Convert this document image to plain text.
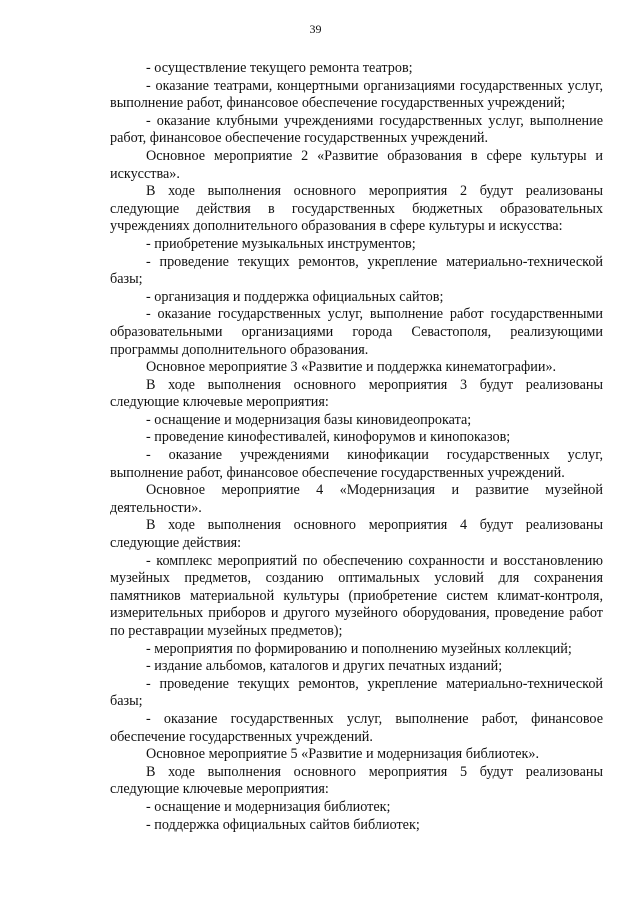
39

- осуществление текущего ремонта театров;

- оказание театрами, концертными организациями государственных услуг, выполнение работ, финансовое обеспечение государственных учреждений;

- оказание клубными учреждениями государственных услуг, выполнение работ, финансовое обеспечение государственных учреждений.

Основное мероприятие 2 «Развитие образования в сфере культуры и искусства».

В ходе выполнения основного мероприятия 2 будут реализованы следующие действия в государственных бюджетных образовательных учреждениях дополнительного образования в сфере культуры и искусства:

- приобретение музыкальных инструментов;

- проведение текущих ремонтов, укрепление материально-технической базы;

- организация и поддержка официальных сайтов;

- оказание государственных услуг, выполнение работ государственными образовательными организациями города Севастополя, реализующими программы дополнительного образования.

Основное мероприятие 3 «Развитие и поддержка кинематографии».

В ходе выполнения основного мероприятия 3 будут реализованы следующие ключевые мероприятия:

- оснащение и модернизация базы киновидеопроката;

- проведение кинофестивалей, кинофорумов и кинопоказов;

- оказание учреждениями кинофикации государственных услуг, выполнение работ, финансовое обеспечение государственных учреждений.

Основное мероприятие 4 «Модернизация и развитие музейной деятельности».

В ходе выполнения основного мероприятия 4 будут реализованы следующие действия:

- комплекс мероприятий по обеспечению сохранности и восстановлению музейных предметов, созданию оптимальных условий для сохранения памятников материальной культуры (приобретение систем климат-контроля, измерительных приборов и другого музейного оборудования, проведение работ по реставрации музейных предметов);

- мероприятия по формированию и пополнению музейных коллекций;

- издание альбомов, каталогов и других печатных изданий;

- проведение текущих ремонтов, укрепление материально-технической базы;

- оказание государственных услуг, выполнение работ, финансовое обеспечение государственных учреждений.

Основное мероприятие 5 «Развитие и модернизация библиотек».

В ходе выполнения основного мероприятия 5 будут реализованы следующие ключевые мероприятия:

- оснащение и модернизация библиотек;

- поддержка официальных сайтов библиотек;
